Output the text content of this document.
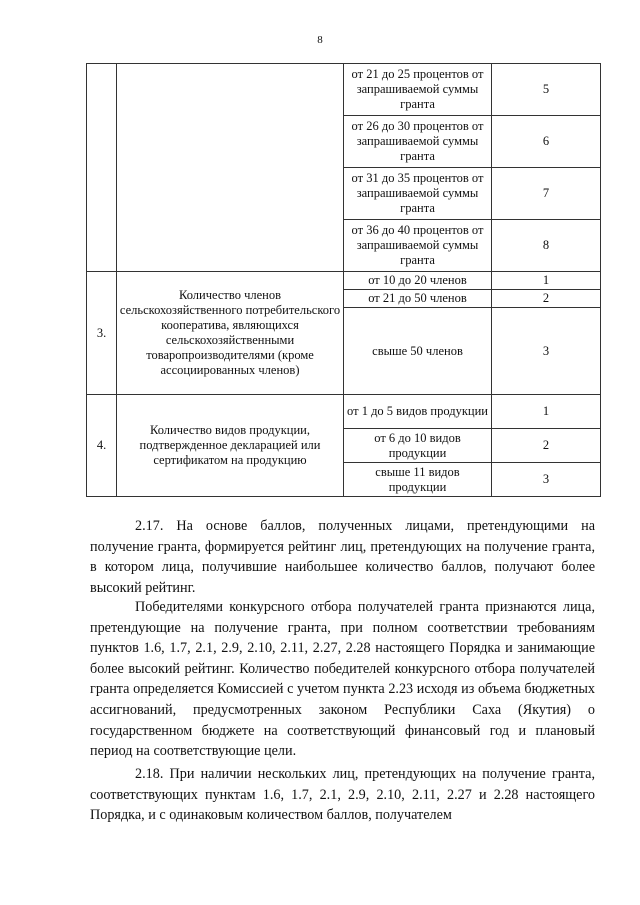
8
		от 21 до 25 процентов от запрашиваемой суммы гранта	5
		от 26 до 30 процентов от запрашиваемой суммы гранта	6
		от 31 до 35 процентов от запрашиваемой суммы гранта	7
		от 36 до 40 процентов от запрашиваемой суммы гранта	8
3.	Количество членов сельскохозяйственного потребительского кооператива, являющихся сельскохозяйственными товаропроизводителями (кроме ассоциированных членов)	от 10 до 20 членов	1
		от 21 до 50 членов	2
		свыше 50 членов	3
4.	Количество видов продукции, подтвержденное декларацией или сертификатом на продукцию	от 1 до 5 видов продукции	1
		от 6 до 10 видов продукции	2
		свыше 11 видов продукции	3

2.17. На основе баллов, полученных лицами, претендующими на получение гранта, формируется рейтинг лиц, претендующих на получение гранта, в котором лица, получившие наибольшее количество баллов, получают более высокий рейтинг.

Победителями конкурсного отбора получателей гранта признаются лица, претендующие на получение гранта, при полном соответствии требованиям пунктов 1.6, 1.7, 2.1, 2.9, 2.10, 2.11, 2.27, 2.28 настоящего Порядка и занимающие более высокий рейтинг. Количество победителей конкурсного отбора получателей гранта определяется Комиссией с учетом пункта 2.23 исходя из объема бюджетных ассигнований, предусмотренных законом Республики Саха (Якутия) о государственном бюджете на соответствующий финансовый год и плановый период на соответствующие цели.

2.18. При наличии нескольких лиц, претендующих на получение гранта, соответствующих пунктам 1.6, 1.7, 2.1, 2.9, 2.10, 2.11, 2.27 и 2.28 настоящего Порядка, и с одинаковым количеством баллов, получателем
